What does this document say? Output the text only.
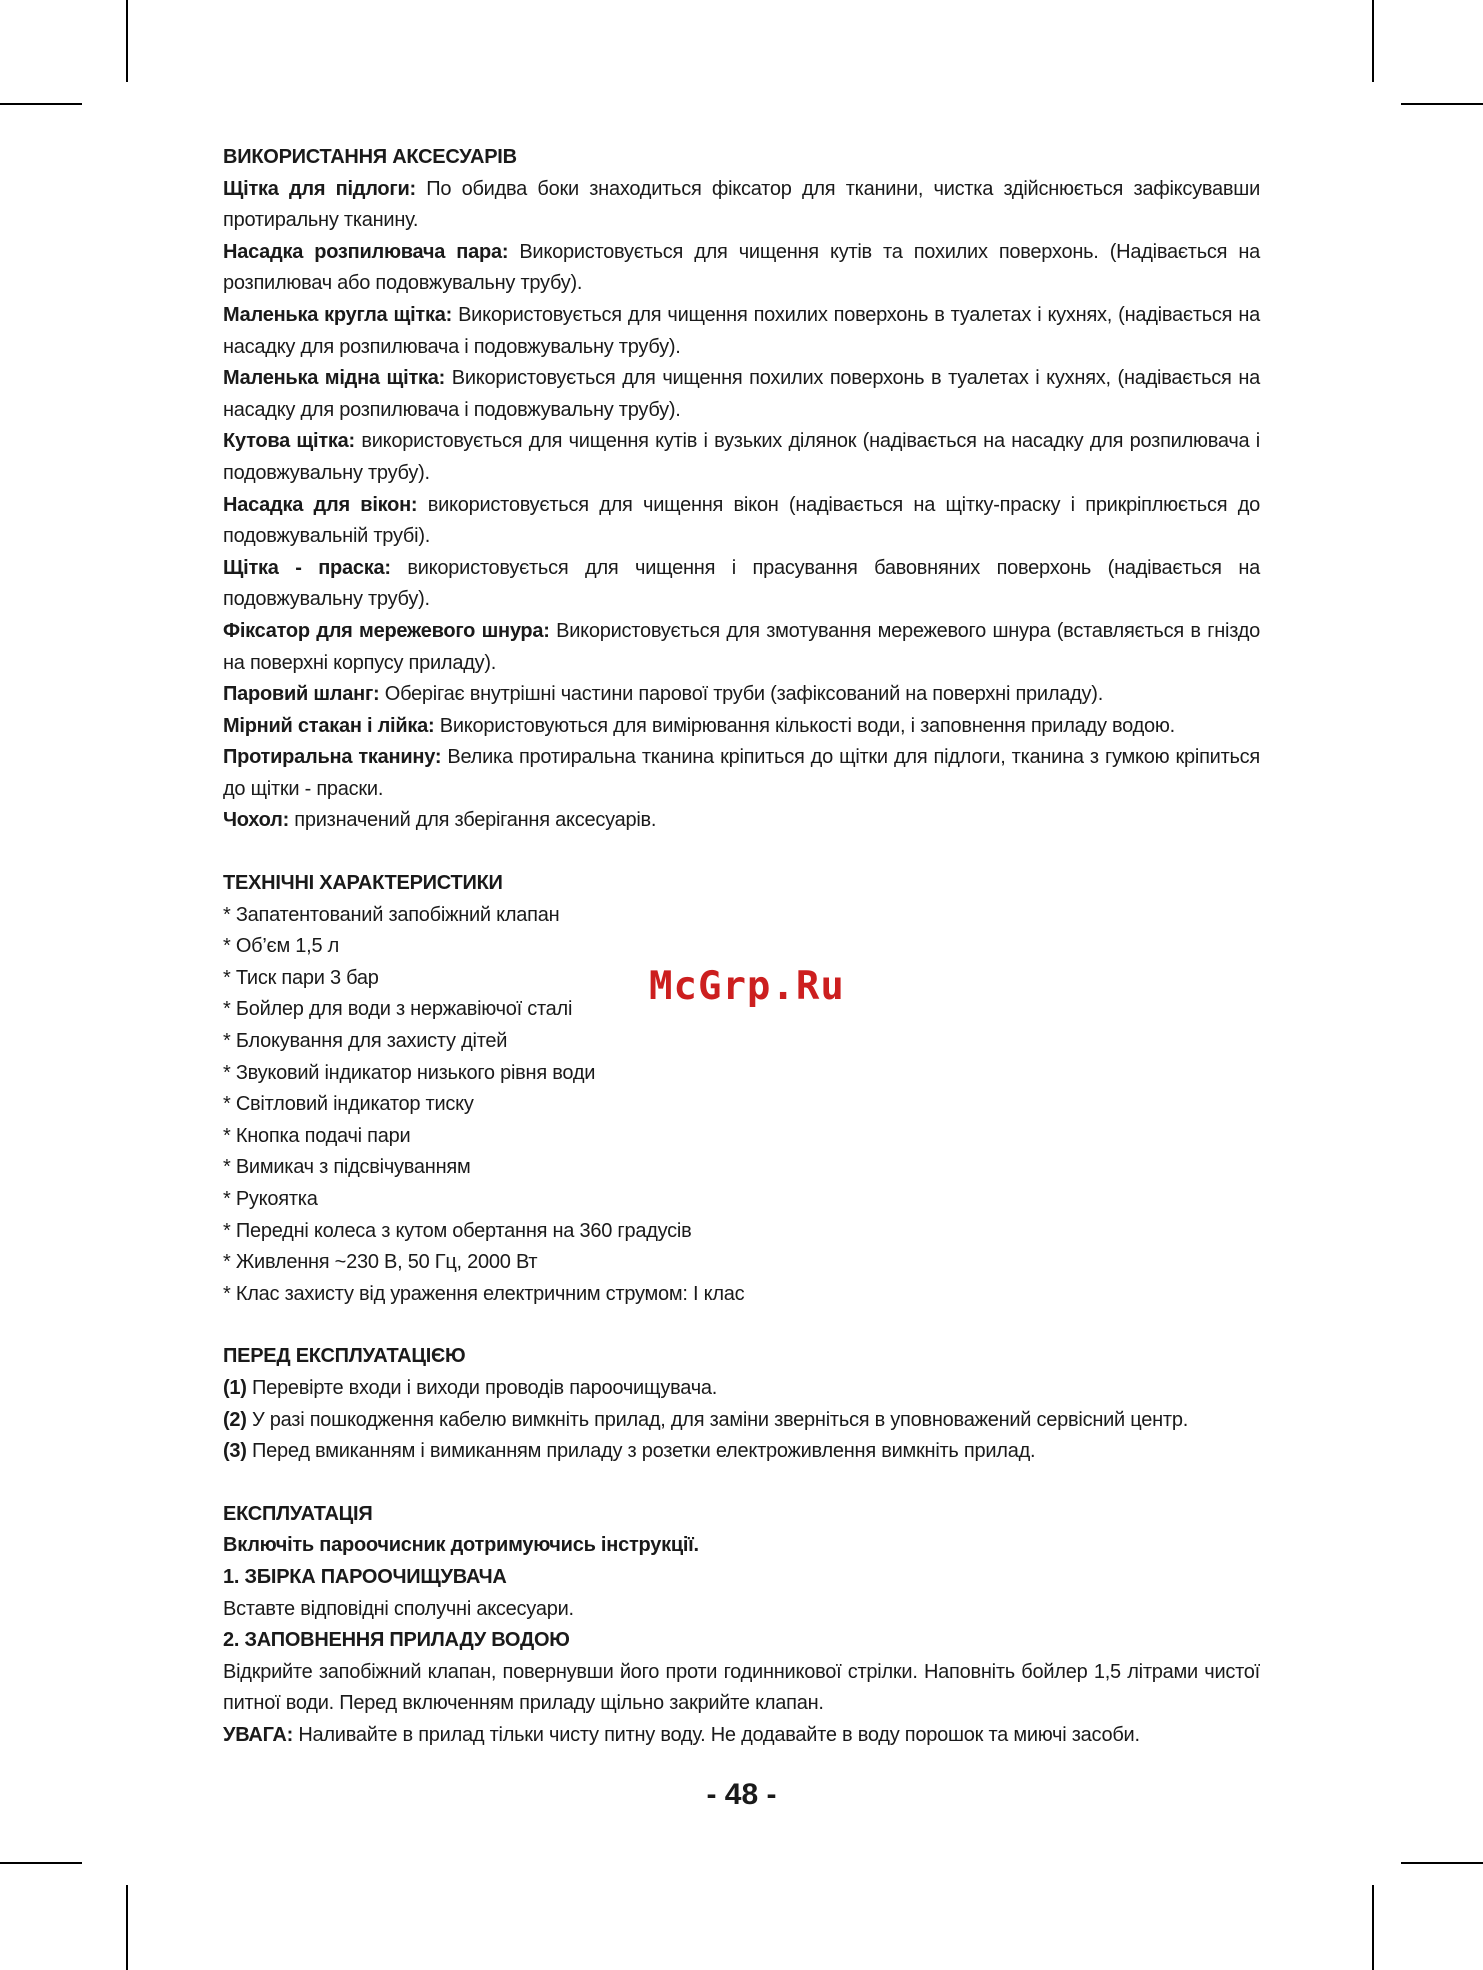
ВИКОРИСТАННЯ АКСЕСУАРІВ

Щітка для підлоги: По обидва боки знаходиться фіксатор для тканини, чистка здійснюється зафіксувавши протиральну тканину.

Насадка розпилювача пара: Використовується для чищення кутів та похилих поверхонь. (Надівається на розпилювач або подовжувальну трубу).

Маленька кругла щітка: Використовується для чищення похилих поверхонь в туалетах і кухнях, (надівається на насадку для розпилювача і подовжувальну трубу).

Маленька мідна щітка: Використовується для чищення похилих поверхонь в туалетах і кухнях, (надівається на насадку для розпилювача і подовжувальну трубу).

Кутова щітка: використовується для чищення кутів і вузьких ділянок (надівається на насадку для розпилювача і подовжувальну трубу).

Насадка для вікон: використовується для чищення вікон (надівається на щітку-праску і прикріплюється до подовжувальній трубі).

Щітка - праска: використовується для чищення і прасування бавовняних поверхонь (надівається на подовжувальну трубу).

Фіксатор для мережевого шнура: Використовується для змотування мережевого шнура (вставляється в гніздо на поверхні корпусу приладу).

Паровий шланг: Оберігає внутрішні частини парової труби (зафіксований на поверхні приладу).

Мірний стакан і лійка: Використовуються для вимірювання кількості води, і заповнення приладу водою.

Протиральна тканину: Велика протиральна тканина кріпиться до щітки для підлоги, тканина з гумкою кріпиться до щітки - праски.

Чохол: призначений для зберігання аксесуарів.

ТЕХНІЧНІ ХАРАКТЕРИСТИКИ

* Запатентований запобіжний клапан

* Об’єм 1,5 л

* Тиск пари 3 бар

* Бойлер для води з нержавіючої сталі

* Блокування для захисту дітей

* Звуковий індикатор низького рівня води

* Світловий індикатор тиску

* Кнопка подачі пари

* Вимикач з підсвічуванням

* Рукоятка

* Передні колеса з кутом обертання на 360 градусів

* Живлення ~230 В, 50 Гц, 2000 Вт

* Клас захисту від ураження електричним струмом: I клас

ПЕРЕД ЕКСПЛУАТАЦІЄЮ

(1) Перевірте входи і виходи проводів пароочищувача.

(2) У разі пошкодження кабелю вимкніть прилад, для заміни зверніться в уповноважений сервісний центр.

(3) Перед вмиканням і вимиканням приладу з розетки електроживлення вимкніть прилад.

ЕКСПЛУАТАЦІЯ

Включіть пароочисник дотримуючись інструкції.

1. ЗБІРКА ПАРООЧИЩУВАЧА

Вставте відповідні сполучні аксесуари.

2. ЗАПОВНЕННЯ ПРИЛАДУ ВОДОЮ

Відкрийте запобіжний клапан, повернувши його проти годинникової стрілки. Наповніть бойлер 1,5 літрами чистої питної води. Перед включенням приладу щільно закрийте клапан.

УВАГА: Наливайте в прилад тільки чисту питну воду. Не додавайте в воду порошок та миючі засоби.

McGrp.Ru
- 48 -
